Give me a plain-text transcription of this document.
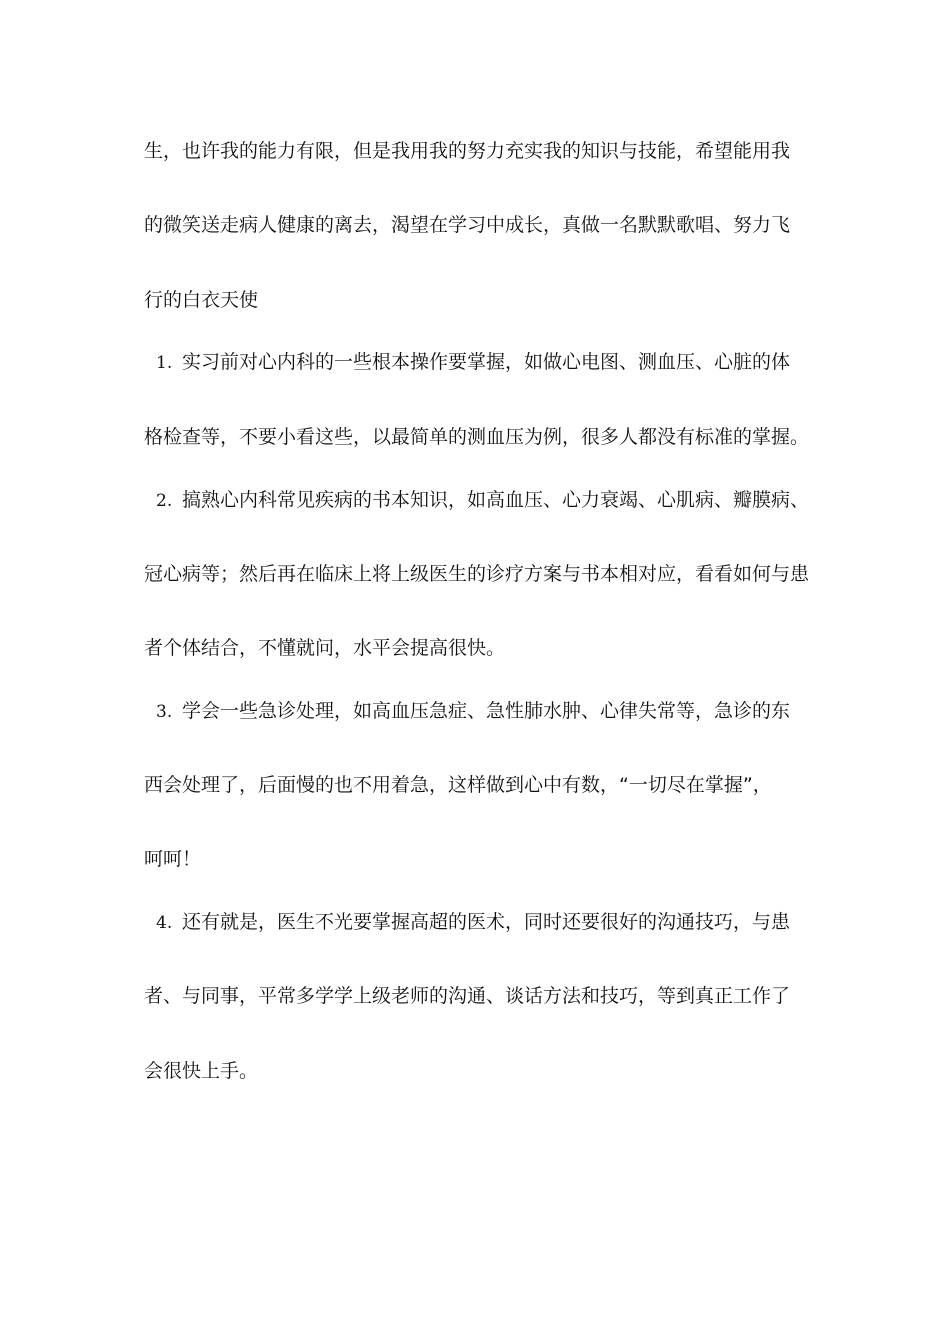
生，也许我的能力有限，但是我用我的努力充实我的知识与技能，希望能用我
的微笑送走病人健康的离去，渴望在学习中成长，真做一名默默歌唱、努力飞
行的白衣天使
1. 实习前对心内科的一些根本操作要掌握，如做心电图、测血压、心脏的体
格检查等，不要小看这些，以最简单的测血压为例，很多人都没有标准的掌握。
2. 搞熟心内科常见疾病的书本知识，如高血压、心力衰竭、心肌病、瓣膜病、
冠心病等；然后再在临床上将上级医生的诊疗方案与书本相对应，看看如何与患
者个体结合，不懂就问，水平会提高很快。
3. 学会一些急诊处理，如高血压急症、急性肺水肿、心律失常等，急诊的东
西会处理了，后面慢的也不用着急，这样做到心中有数，“一切尽在掌握”，
呵呵！
4. 还有就是，医生不光要掌握高超的医术，同时还要很好的沟通技巧，与患
者、与同事，平常多学学上级老师的沟通、谈话方法和技巧，等到真正工作了
会很快上手。
